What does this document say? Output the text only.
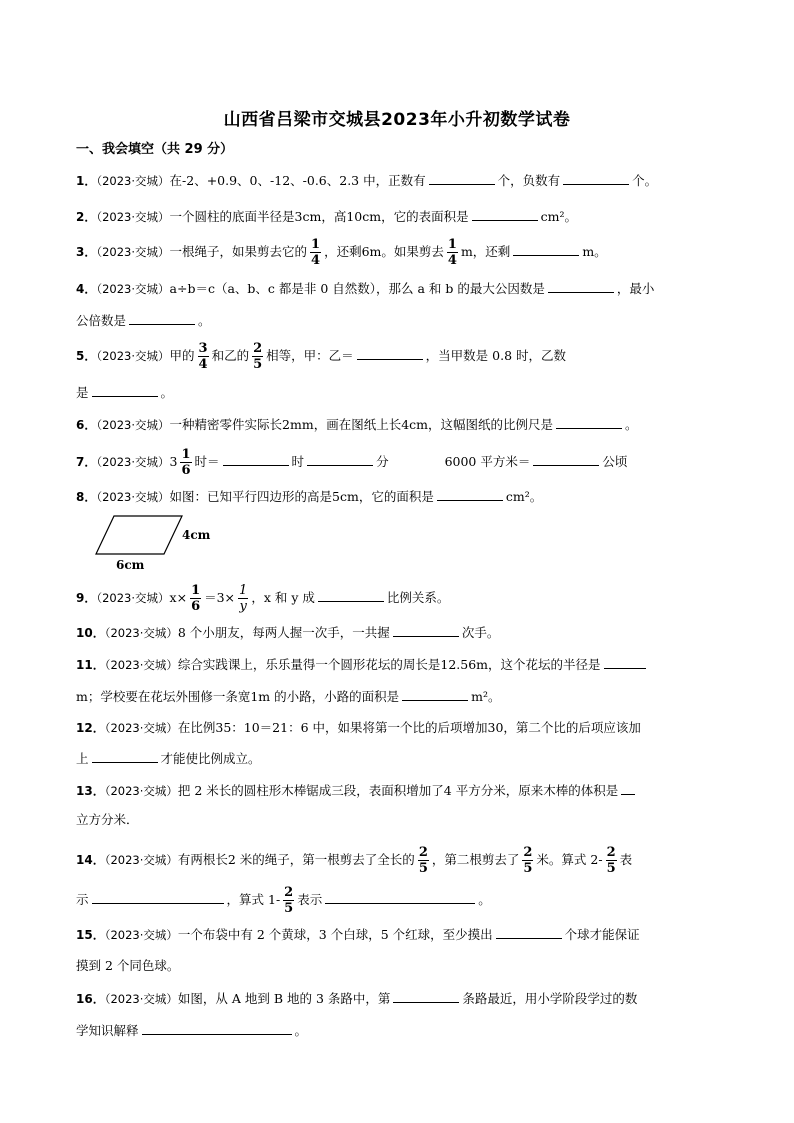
山西省吕梁市交城县2023年小升初数学试卷
一、我会填空（共 29 分）
1．（2023·交城）在-2、+0.9、0、-12、-0.6、2.3 中，正数有	个，负数有	个。
2．（2023·交城）一个圆柱的底面半径是3cm，高10cm，它的表面积是	cm²。
3．（2023·交城）一根绳子，如果剪去它的 $\frac{1}{4}$ ，还剩6m。如果剪去 $\frac{1}{4}$ m，还剩	m。
4．（2023·交城）a÷b＝c（a、b、c 都是非 0 自然数），那么 a 和 b 的最大公因数是	，最小
公倍数是	。
5．（2023·交城）甲的 $\frac{3}{4}$ 和乙的 $\frac{2}{5}$ 相等，甲：乙＝	，当甲数是 0.8 时，乙数
是	。
6．（2023·交城）一种精密零件实际长2mm，画在图纸上长4cm，这幅图纸的比例尺是	。
7．（2023·交城）$3 \frac{1}{6}$ 时＝	时	分	6000 平方米＝	公顷
8．（2023·交城）如图：已知平行四边形的高是5cm，它的面积是	cm²。
4cm
6cm
9．（2023·交城）$x\times \frac{1}{6} =3\times \frac{1}{y}$ ，x 和 y 成	比例关系。
10．（2023·交城）8 个小朋友，每两人握一次手，一共握	次手。
11．（2023·交城）综合实践课上，乐乐量得一个圆形花坛的周长是12.56m，这个花坛的半径是
m；学校要在花坛外围修一条宽1m 的小路，小路的面积是	m²。
12．（2023·交城）在比例35：10＝21：6 中，如果将第一个比的后项增加30，第二个比的后项应该加
上	才能使比例成立。
13．（2023·交城）把 2 米长的圆柱形木棒锯成三段，表面积增加了4 平方分米，原来木棒的体积是
立方分米．
14．（2023·交城）有两根长2 米的绳子，第一根剪去了全长的 $\frac{2}{5}$ ，第二根剪去了 $\frac{2}{5}$ 米。算式 $2- \frac{2}{5}$ 表
示	，算式 $1- \frac{2}{5}$ 表示	。
15．（2023·交城）一个布袋中有 2 个黄球，3 个白球，5 个红球，至少摸出	个球才能保证
摸到 2 个同色球。
16．（2023·交城）如图，从 A 地到 B 地的 3 条路中，第	条路最近，用小学阶段学过的数
学知识解释	。
